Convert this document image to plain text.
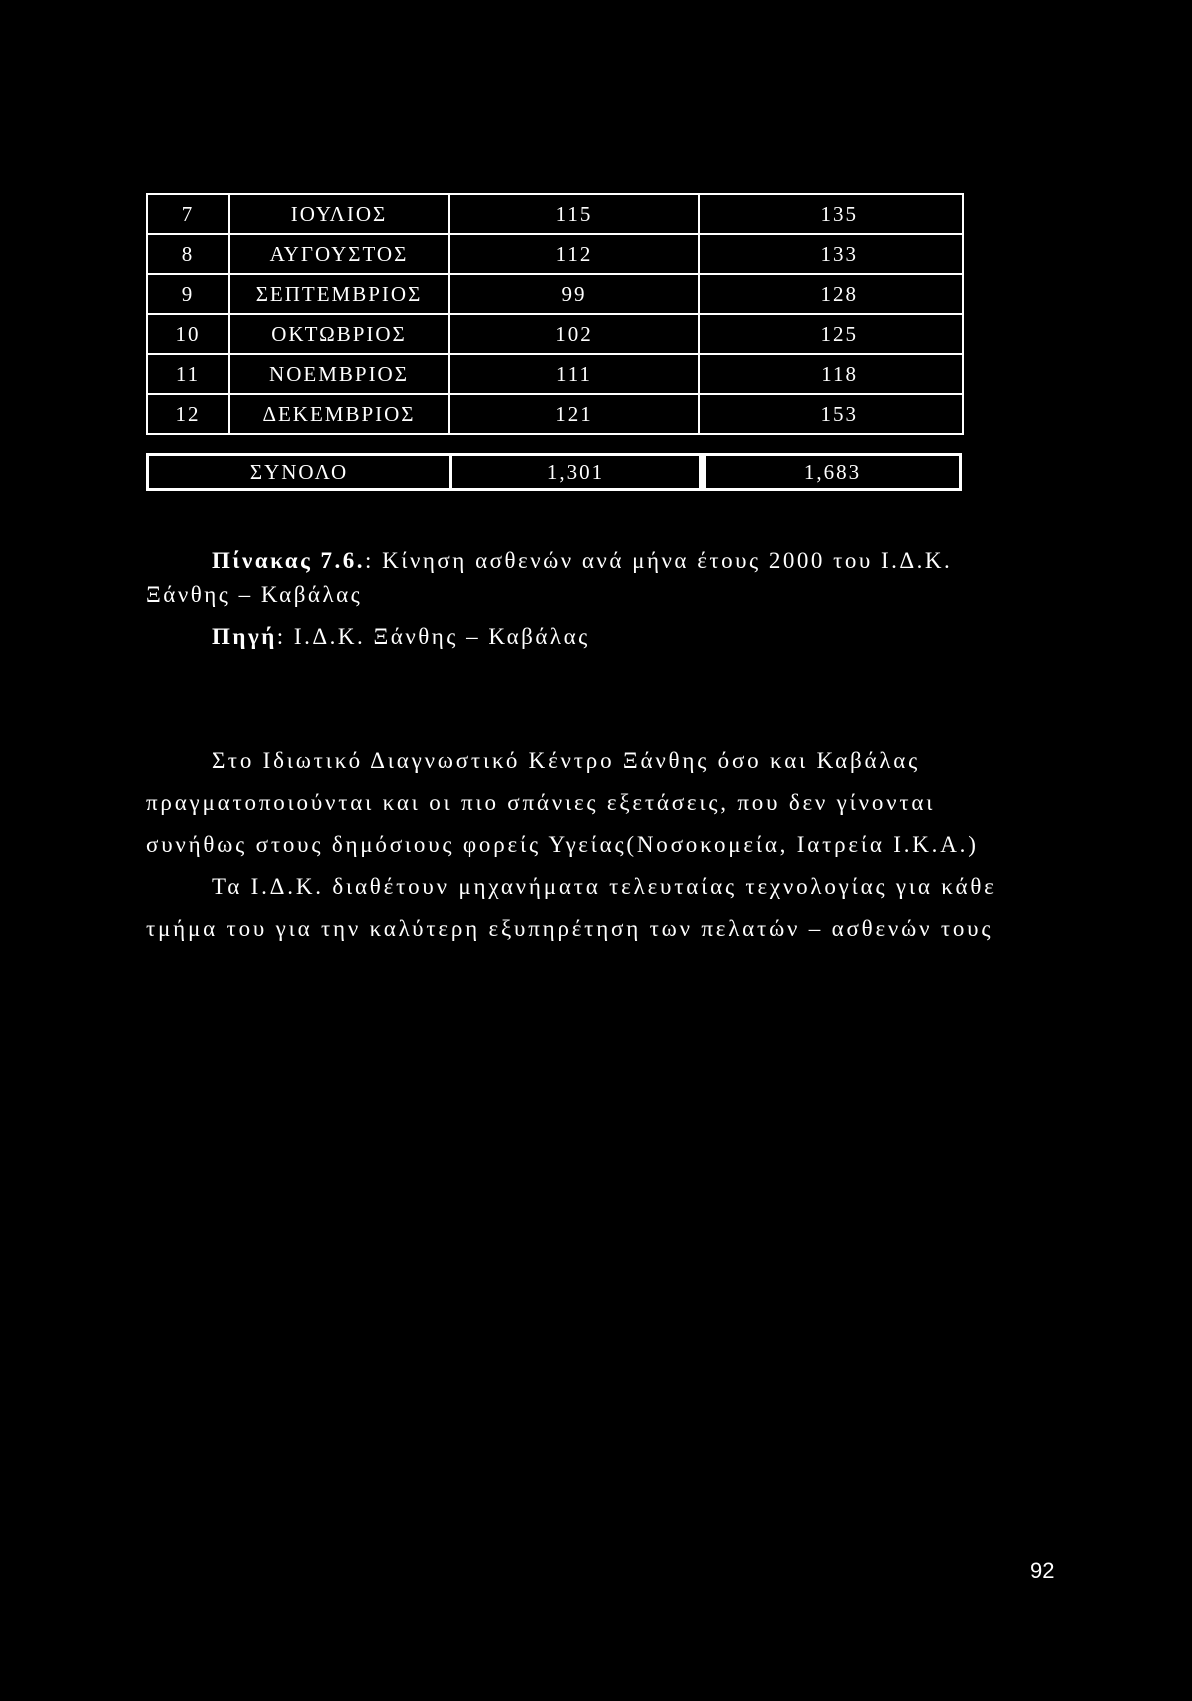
7	ΙΟΥΛΙΟΣ	115	135
8	ΑΥΓΟΥΣΤΟΣ	112	133
9	ΣΕΠΤΕΜΒΡΙΟΣ	99	128
10	ΟΚΤΩΒΡΙΟΣ	102	125
11	ΝΟΕΜΒΡΙΟΣ	111	118
12	ΔΕΚΕΜΒΡΙΟΣ	121	153
ΣΥΝΟΛΟ	1,301	1,683
Πίνακας 7.6.: Κίνηση ασθενών ανά μήνα έτους 2000 του Ι.Δ.Κ.
Ξάνθης – Καβάλας
Πηγή: Ι.Δ.Κ. Ξάνθης – Καβάλας
Στο Ιδιωτικό Διαγνωστικό Κέντρο Ξάνθης όσο και Καβάλας
πραγματοποιούνται και οι πιο σπάνιες εξετάσεις, που δεν γίνονται
συνήθως στους δημόσιους φορείς Υγείας(Νοσοκομεία, Ιατρεία Ι.Κ.Α.)
Τα Ι.Δ.Κ. διαθέτουν μηχανήματα τελευταίας τεχνολογίας για κάθε
τμήμα του για την καλύτερη εξυπηρέτηση των πελατών – ασθενών τους
92
